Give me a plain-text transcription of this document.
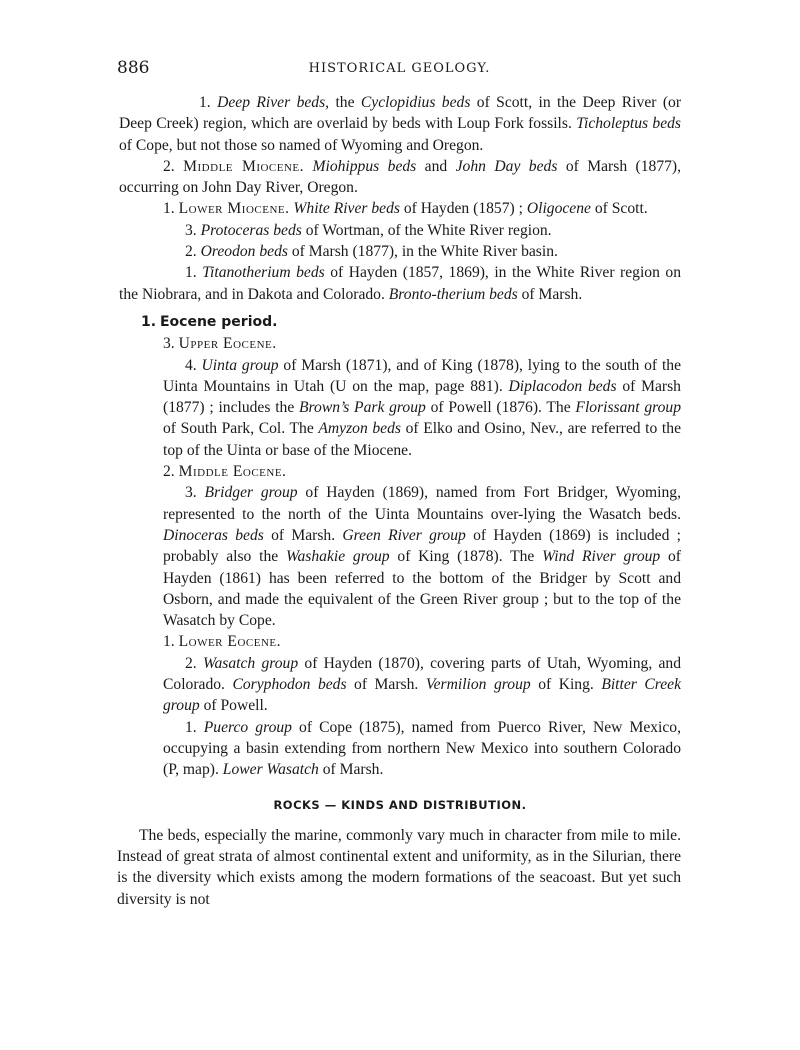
886	HISTORICAL GEOLOGY.

1. Deep River beds, the Cyclopidius beds of Scott, in the Deep River (or Deep Creek) region, which are overlaid by beds with Loup Fork fossils. Ticholeptus beds of Cope, but not those so named of Wyoming and Oregon.

2. Middle Miocene. Miohippus beds and John Day beds of Marsh (1877), occurring on John Day River, Oregon.

1. Lower Miocene. White River beds of Hayden (1857) ; Oligocene of Scott.

3. Protoceras beds of Wortman, of the White River region.

2. Oreodon beds of Marsh (1877), in the White River basin.

1. Titanotherium beds of Hayden (1857, 1869), in the White River region on the Niobrara, and in Dakota and Colorado. Bronto-therium beds of Marsh.

1. Eocene period.

3. Upper Eocene.

4. Uinta group of Marsh (1871), and of King (1878), lying to the south of the Uinta Mountains in Utah (U on the map, page 881). Diplacodon beds of Marsh (1877) ; includes the Brown’s Park group of Powell (1876). The Florissant group of South Park, Col. The Amyzon beds of Elko and Osino, Nev., are referred to the top of the Uinta or base of the Miocene.

2. Middle Eocene.

3. Bridger group of Hayden (1869), named from Fort Bridger, Wyoming, represented to the north of the Uinta Mountains over-lying the Wasatch beds. Dinoceras beds of Marsh. Green River group of Hayden (1869) is included ; probably also the Washakie group of King (1878). The Wind River group of Hayden (1861) has been referred to the bottom of the Bridger by Scott and Osborn, and made the equivalent of the Green River group ; but to the top of the Wasatch by Cope.

1. Lower Eocene.

2. Wasatch group of Hayden (1870), covering parts of Utah, Wyoming, and Colorado. Coryphodon beds of Marsh. Vermilion group of King. Bitter Creek group of Powell.

1. Puerco group of Cope (1875), named from Puerco River, New Mexico, occupying a basin extending from northern New Mexico into southern Colorado (P, map). Lower Wasatch of Marsh.

ROCKS — KINDS AND DISTRIBUTION.

The beds, especially the marine, commonly vary much in character from mile to mile. Instead of great strata of almost continental extent and uniformity, as in the Silurian, there is the diversity which exists among the modern formations of the seacoast. But yet such diversity is not
